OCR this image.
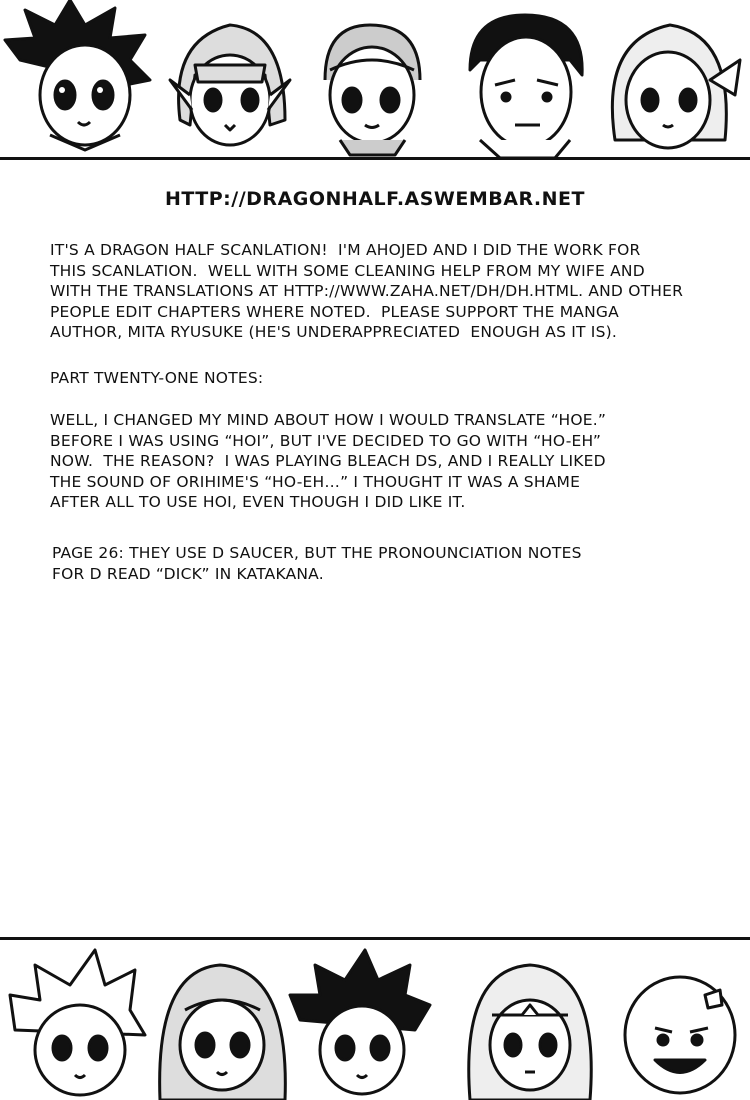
HTTP://DRAGONHALF.ASWEMBAR.NET
IT'S A DRAGON HALF SCANLATION!  I'M AHOJED AND I DID THE WORK FOR
THIS SCANLATION.  WELL WITH SOME CLEANING HELP FROM MY WIFE AND
WITH THE TRANSLATIONS AT HTTP://WWW.ZAHA.NET/DH/DH.HTML. AND OTHER
PEOPLE EDIT CHAPTERS WHERE NOTED.  PLEASE SUPPORT THE MANGA
AUTHOR, MITA RYUSUKE (HE'S UNDERAPPRECIATED  ENOUGH AS IT IS).
PART TWENTY-ONE NOTES:
WELL, I CHANGED MY MIND ABOUT HOW I WOULD TRANSLATE “HOE.”
BEFORE I WAS USING “HOI”, BUT I'VE DECIDED TO GO WITH “HO-EH”
NOW.  THE REASON?  I WAS PLAYING BLEACH DS, AND I REALLY LIKED
THE SOUND OF ORIHIME'S “HO-EH…” I THOUGHT IT WAS A SHAME
AFTER ALL TO USE HOI, EVEN THOUGH I DID LIKE IT.
PAGE 26: THEY USE D SAUCER, BUT THE PRONOUNCIATION NOTES
FOR D READ “DICK” IN KATAKANA.
